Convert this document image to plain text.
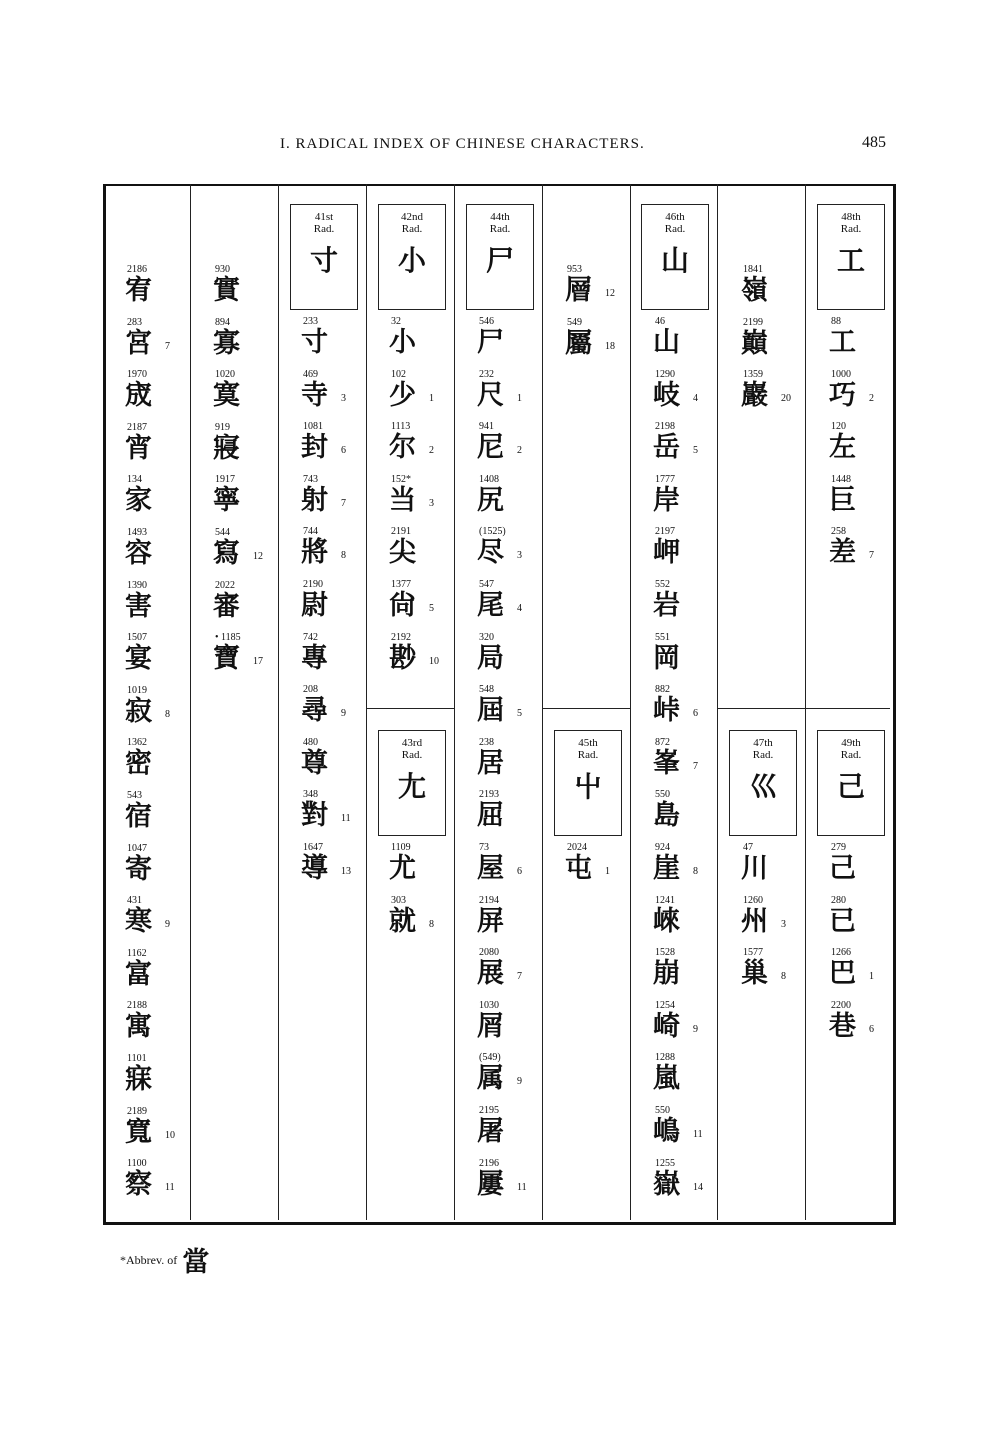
I. RADICAL INDEX OF CHINESE CHARACTERS.	485
41st
Rad.
寸
42nd
Rad.
小
44th
Rad.
尸
46th
Rad.
山
48th
Rad.
工
43rd
Rad.
尢
45th
Rad.
屮
47th
Rad.
巛
49th
Rad.
己
*Abbrev. of 當
2186
宥
283
宮 7
1970
宬
2187
宵
134
家
1493
容
1390
害
1507
宴
1019
寂 8
1362
密
543
宿
1047
寄
431
寒 9
1162
富
2188
寓
1101
寐
2189
寬 10
1100
察 11
930
實
894
寡
1020
寞
919
寢
1917
寧
544
寫 12
2022
審
• 1185
寶 17
233
寸
469
寺 3
1081
封 6
743
射 7
744
將 8
2190
尉
742
專
208
尋 9
480
尊
348
對 11
1647
導 13
32
小
102
少 1
1113
尔 2
152*
当 3
2191
尖
1377
尙 5
2192
尠 10
1109
尤
303
就 8
546
尸
232
尺 1
941
尼 2
1408
尻
(1525)
尽 3
547
尾 4
320
局
548
屆 5
238
居
2193
屈
73
屋 6
2194
屏
2080
展 7
1030
屑
(549)
属 9
2195
屠
2196
屢 11
953
層 12
549
屬 18
2024
屯 1
46
山
1290
岐 4
2198
岳 5
1777
岸
2197
岬
552
岩
551
岡
882
峠 6
872
峯 7
550
島
924
崖 8
1241
崍
1528
崩
1254
崎 9
1288
嵐
550
嶋 11
1255
嶽 14
1841
嶺
2199
巔
1359
巖 20
47
川
1260
州 3
1577
巢 8
88
工
1000
巧 2
120
左
1448
巨
258
差 7
279
己
280
已
1266
巴 1
2200
巷 6
